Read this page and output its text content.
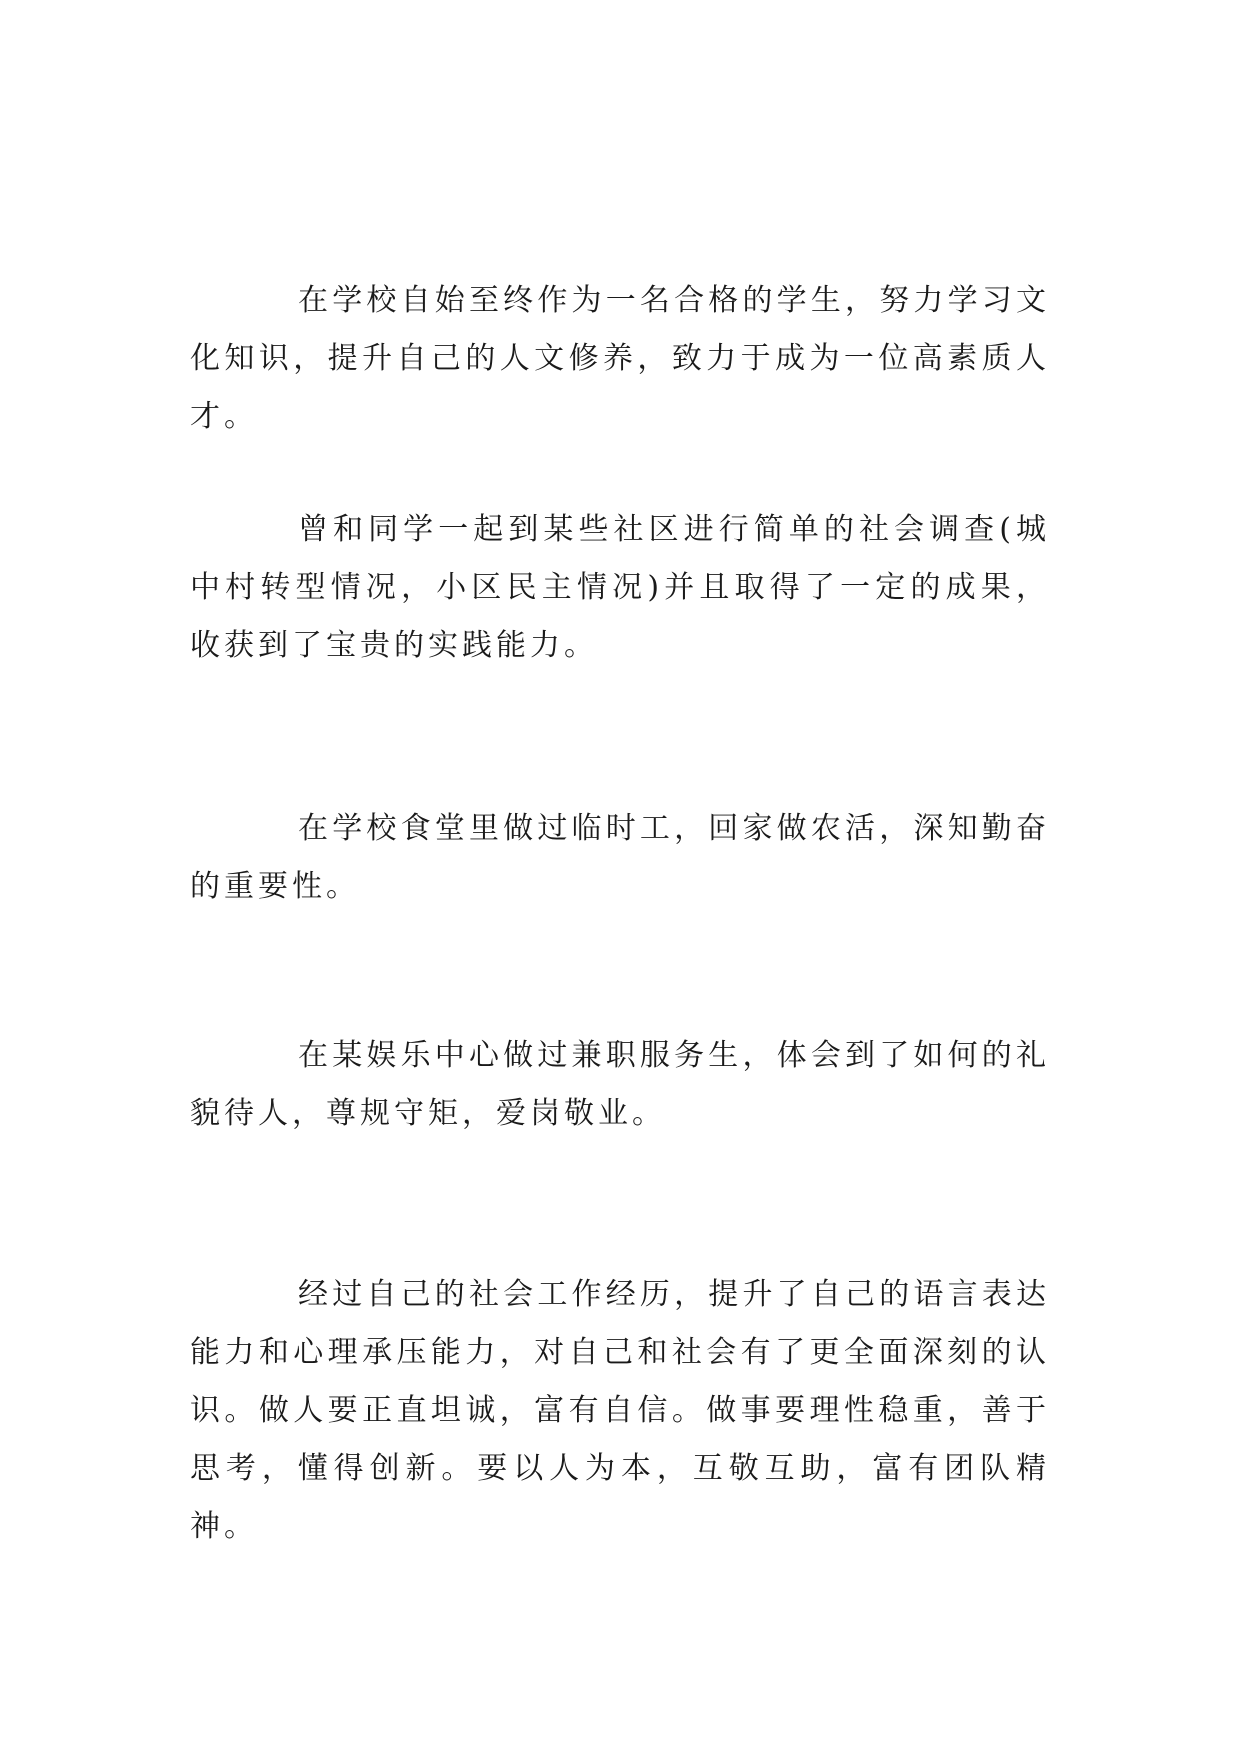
在学校自始至终作为一名合格的学生，努力学习文化知识，提升自己的人文修养，致力于成为一位高素质人才。

曾和同学一起到某些社区进行简单的社会调查(城中村转型情况，小区民主情况)并且取得了一定的成果，收获到了宝贵的实践能力。

在学校食堂里做过临时工，回家做农活，深知勤奋的重要性。

在某娱乐中心做过兼职服务生，体会到了如何的礼貌待人，尊规守矩，爱岗敬业。

经过自己的社会工作经历，提升了自己的语言表达能力和心理承压能力，对自己和社会有了更全面深刻的认识。做人要正直坦诚，富有自信。做事要理性稳重，善于思考，懂得创新。要以人为本，互敬互助，富有团队精神。
